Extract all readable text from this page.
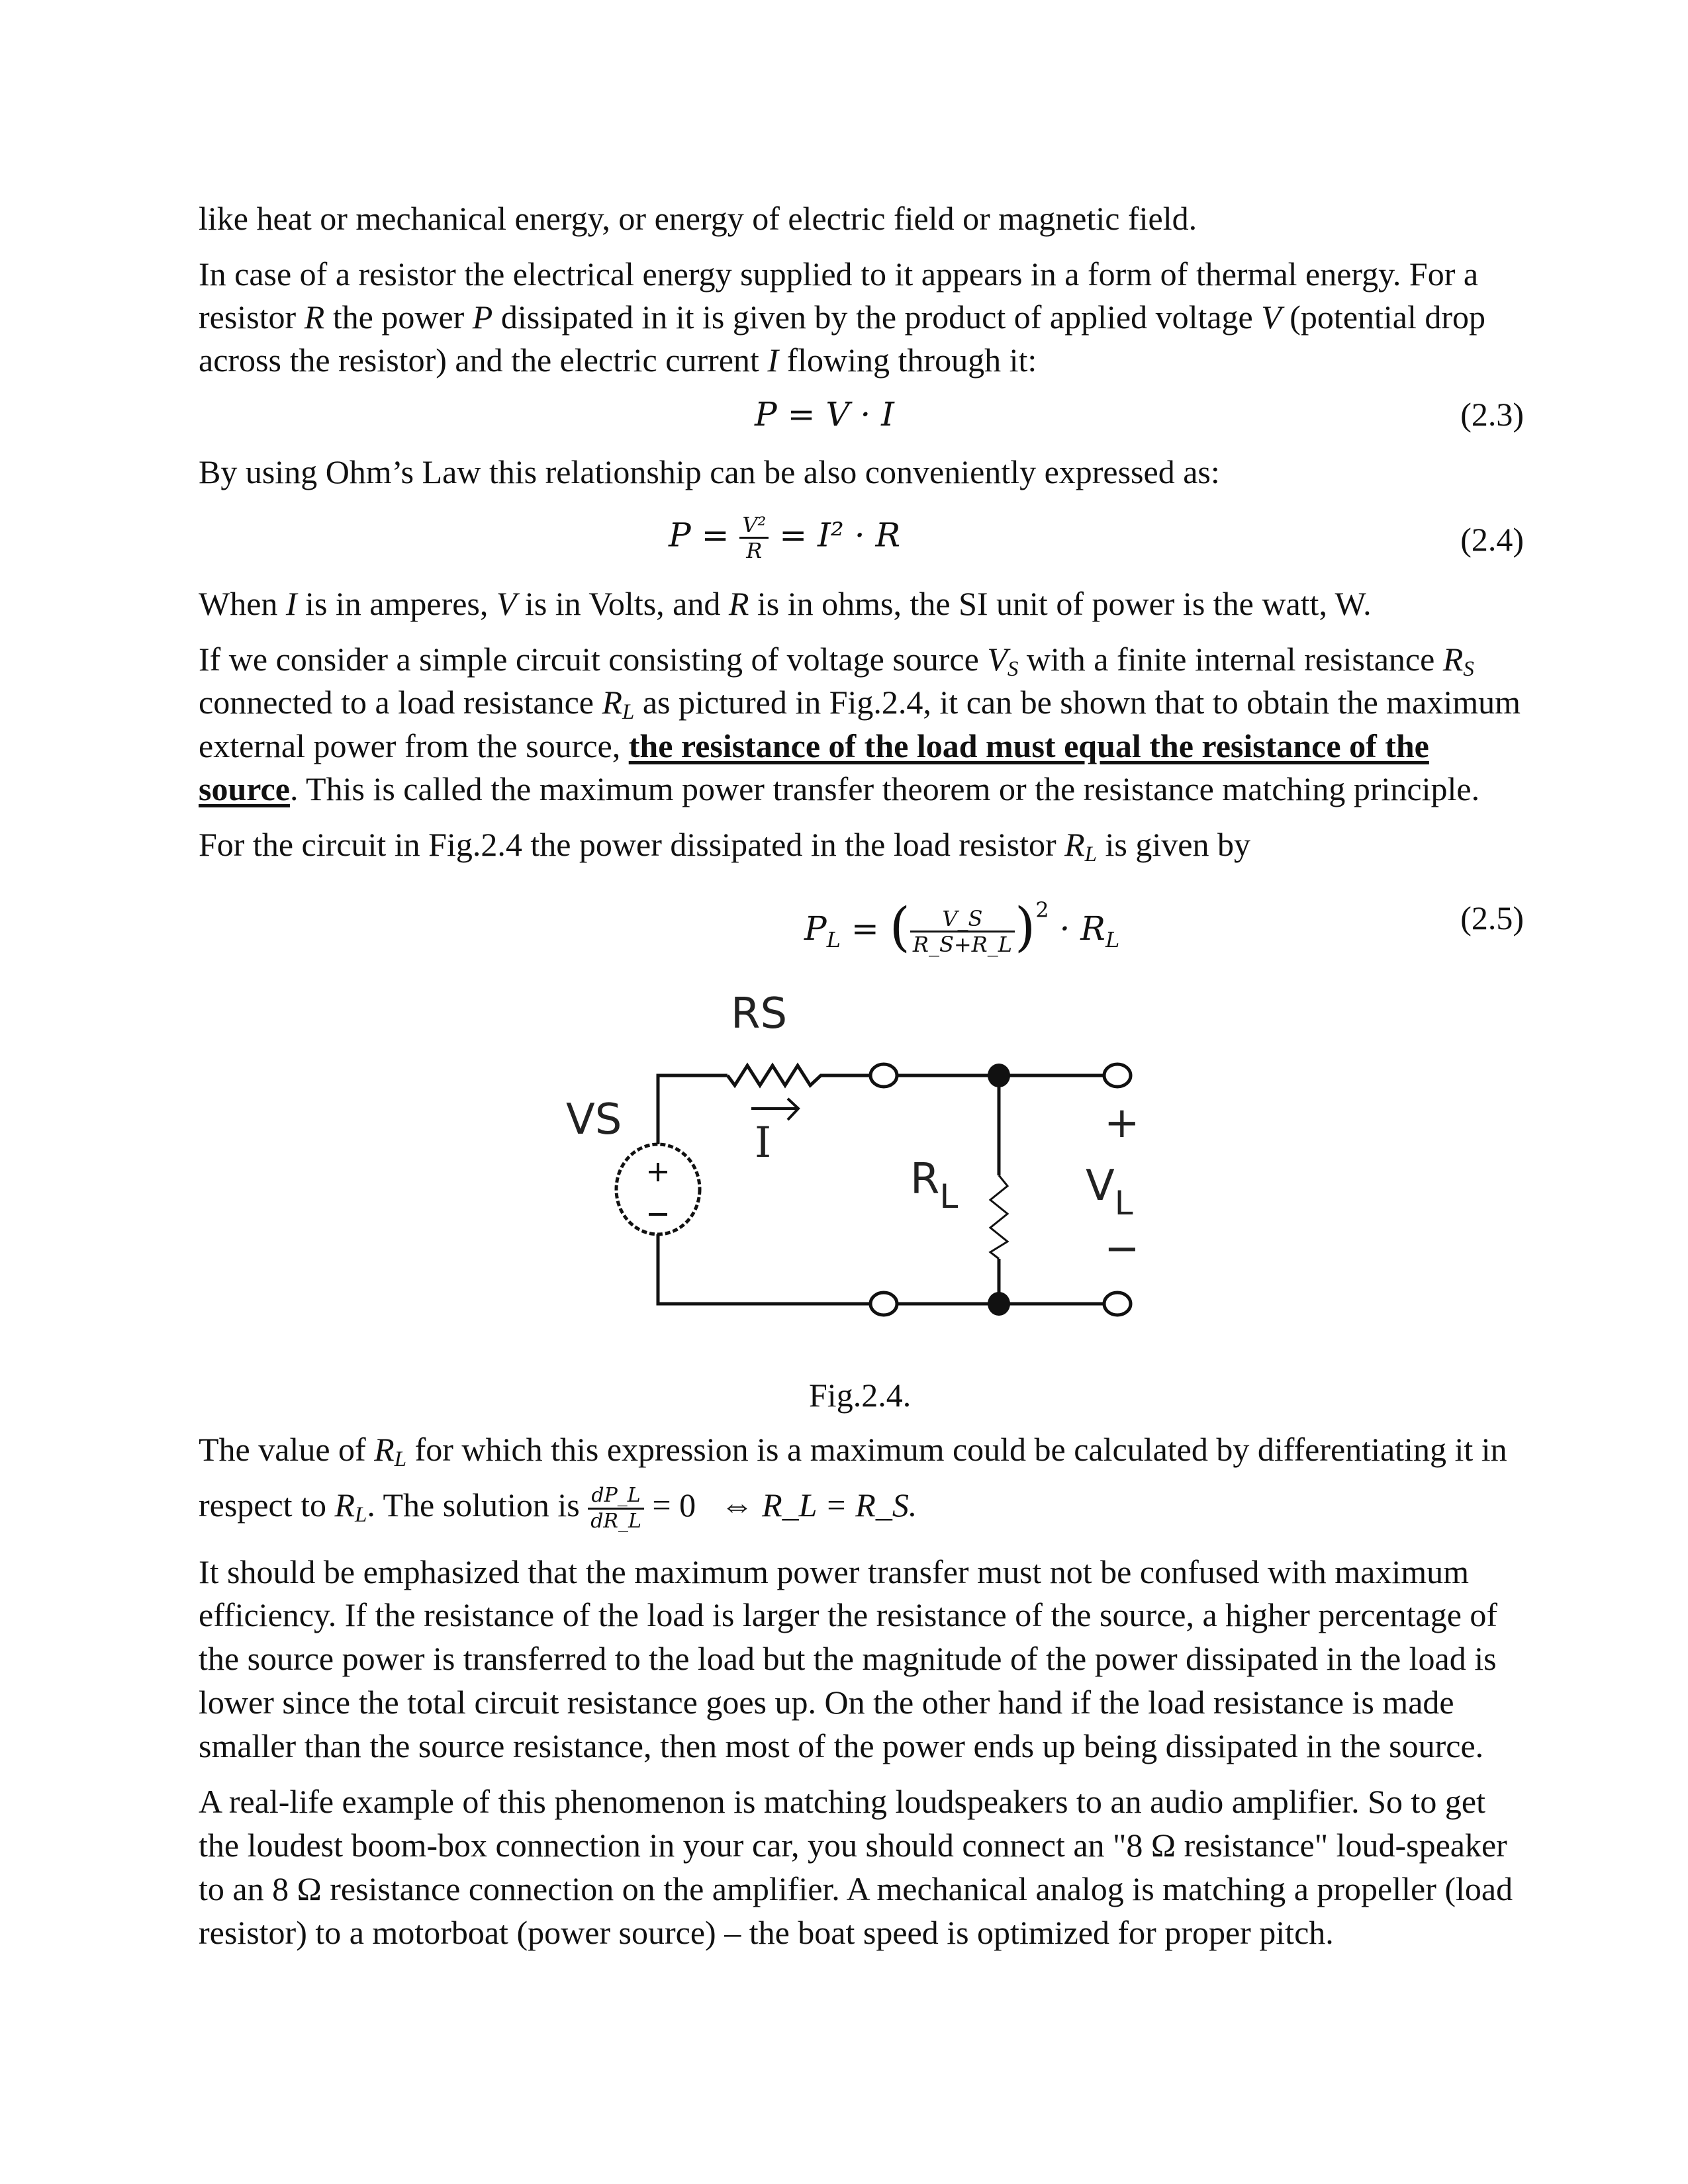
like heat or mechanical energy, or energy of electric field or magnetic field.
In case of a resistor the electrical energy supplied to it appears in a form of thermal energy. For a
resistor R the power P dissipated in it is given by the product of applied voltage V (potential drop
across the resistor) and the electric current I flowing through it:
P = V · I	(2.3)
By using Ohm’s Law this relationship can be also conveniently expressed as:
$P = \frac{\text{V²}}{R} = I^2 \cdot R$	(2.4)
When I is in amperes, V is in Volts, and R is in ohms, the SI unit of power is the watt, W.
If we consider a simple circuit consisting of voltage source $V_S$ with a finite internal resistance $R_S$
connected to a load resistance $R_L$ as pictured in Fig.2.4, it can be shown that to obtain the maximum
external power from the source, the resistance of the load must equal the resistance of the
source. This is called the maximum power transfer theorem or the resistance matching principle.
For the circuit in Fig.2.4 the power dissipated in the load resistor $R_L$ is given by
$P_L$ = ( $\frac{V\_S}{R\_S+R\_L} )^2 \cdot R_L$
(2.5)
RS
VS	I
$R_L$	$V_L$
+
−
Fig.2.4.
The value of $R_L$ for which this expression is a maximum could be calculated by differentiating it in
respect to $R_L$. The solution is $\frac{dP\_L}{dR\_L} = 0$ ⇔ R_L = R_S.
It should be emphasized that the maximum power transfer must not be confused with maximum
efficiency. If the resistance of the load is larger the resistance of the source, a higher percentage of
the source power is transferred to the load but the magnitude of the power dissipated in the load is
lower since the total circuit resistance goes up. On the other hand if the load resistance is made
smaller than the source resistance, then most of the power ends up being dissipated in the source.
A real-life example of this phenomenon is matching loudspeakers to an audio amplifier. So to get
the loudest boom-box connection in your car, you should connect an "8 Ω resistance" loud-speaker
to an 8 Ω resistance connection on the amplifier. A mechanical analog is matching a propeller (load
resistor) to a motorboat (power source) – the boat speed is optimized for proper pitch.
